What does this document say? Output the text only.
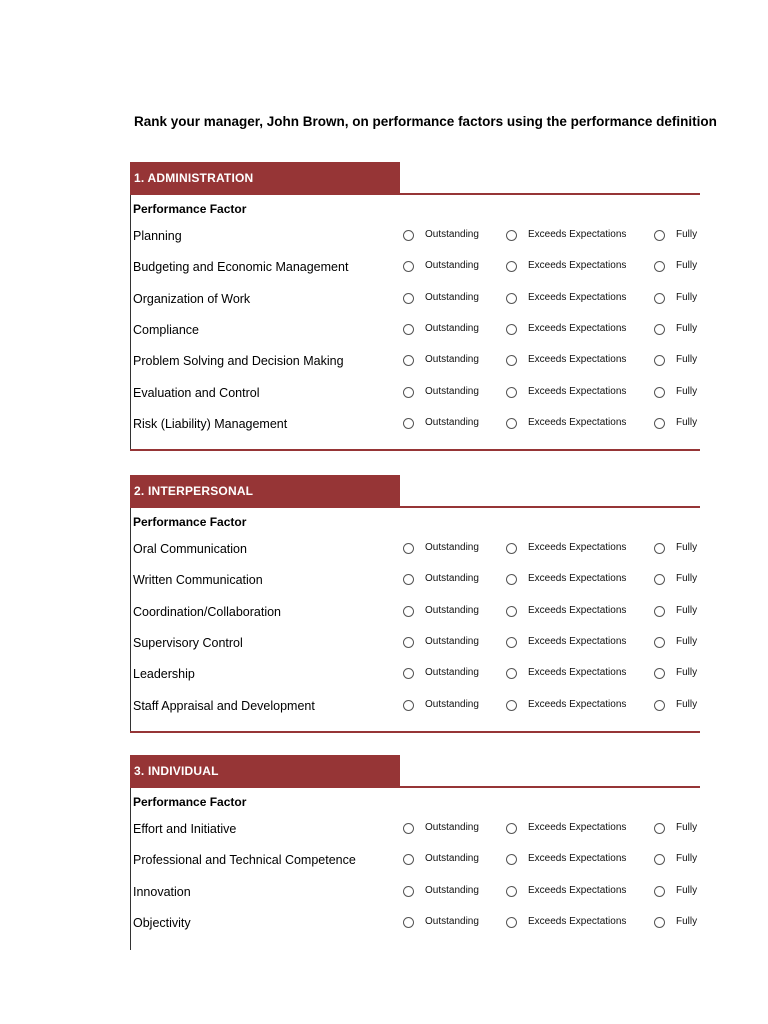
Rank your manager, John Brown, on performance factors using the performance definition
1. ADMINISTRATION
Performance Factor
Planning	Outstanding	Exceeds Expectations	Fully
Budgeting and Economic Management	Outstanding	Exceeds Expectations	Fully
Organization of Work	Outstanding	Exceeds Expectations	Fully
Compliance	Outstanding	Exceeds Expectations	Fully
Problem Solving and Decision Making	Outstanding	Exceeds Expectations	Fully
Evaluation and Control	Outstanding	Exceeds Expectations	Fully
Risk (Liability) Management	Outstanding	Exceeds Expectations	Fully
2. INTERPERSONAL
Performance Factor
Oral Communication	Outstanding	Exceeds Expectations	Fully
Written Communication	Outstanding	Exceeds Expectations	Fully
Coordination/Collaboration	Outstanding	Exceeds Expectations	Fully
Supervisory Control	Outstanding	Exceeds Expectations	Fully
Leadership	Outstanding	Exceeds Expectations	Fully
Staff Appraisal and Development	Outstanding	Exceeds Expectations	Fully
3. INDIVIDUAL
Performance Factor
Effort and Initiative	Outstanding	Exceeds Expectations	Fully
Professional and Technical Competence	Outstanding	Exceeds Expectations	Fully
Innovation	Outstanding	Exceeds Expectations	Fully
Objectivity	Outstanding	Exceeds Expectations	Fully
